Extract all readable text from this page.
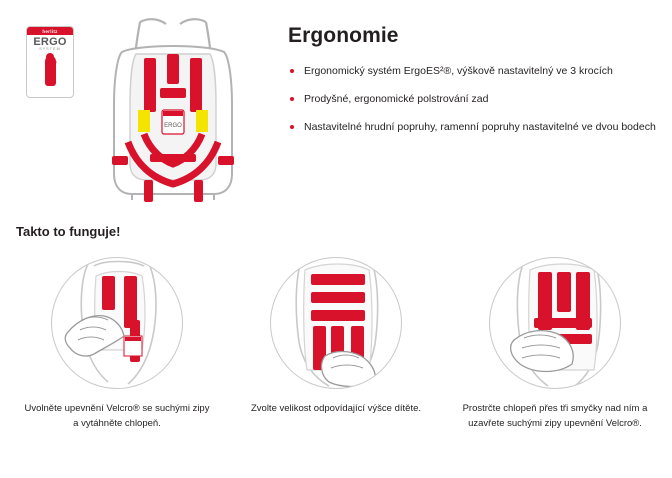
herlitz
ERGO
SYSTEM
ERGO
Ergonomie
Ergonomický systém ErgoES²®, výškově nastavitelný ve 3 krocích
Prodyšné, ergonomické polstrování zad
Nastavitelné hrudní popruhy, ramenní popruhy nastavitelné ve dvou bodech
Takto to funguje!
Uvolněte upevnění Velcro® se suchými zipy a vytáhněte chlopeň.
Zvolte velikost odpovídající výšce dítěte.	Prostrčte chlopeň přes tři smyčky nad ním a uzavřete suchými zipy upevnění Velcro®.
